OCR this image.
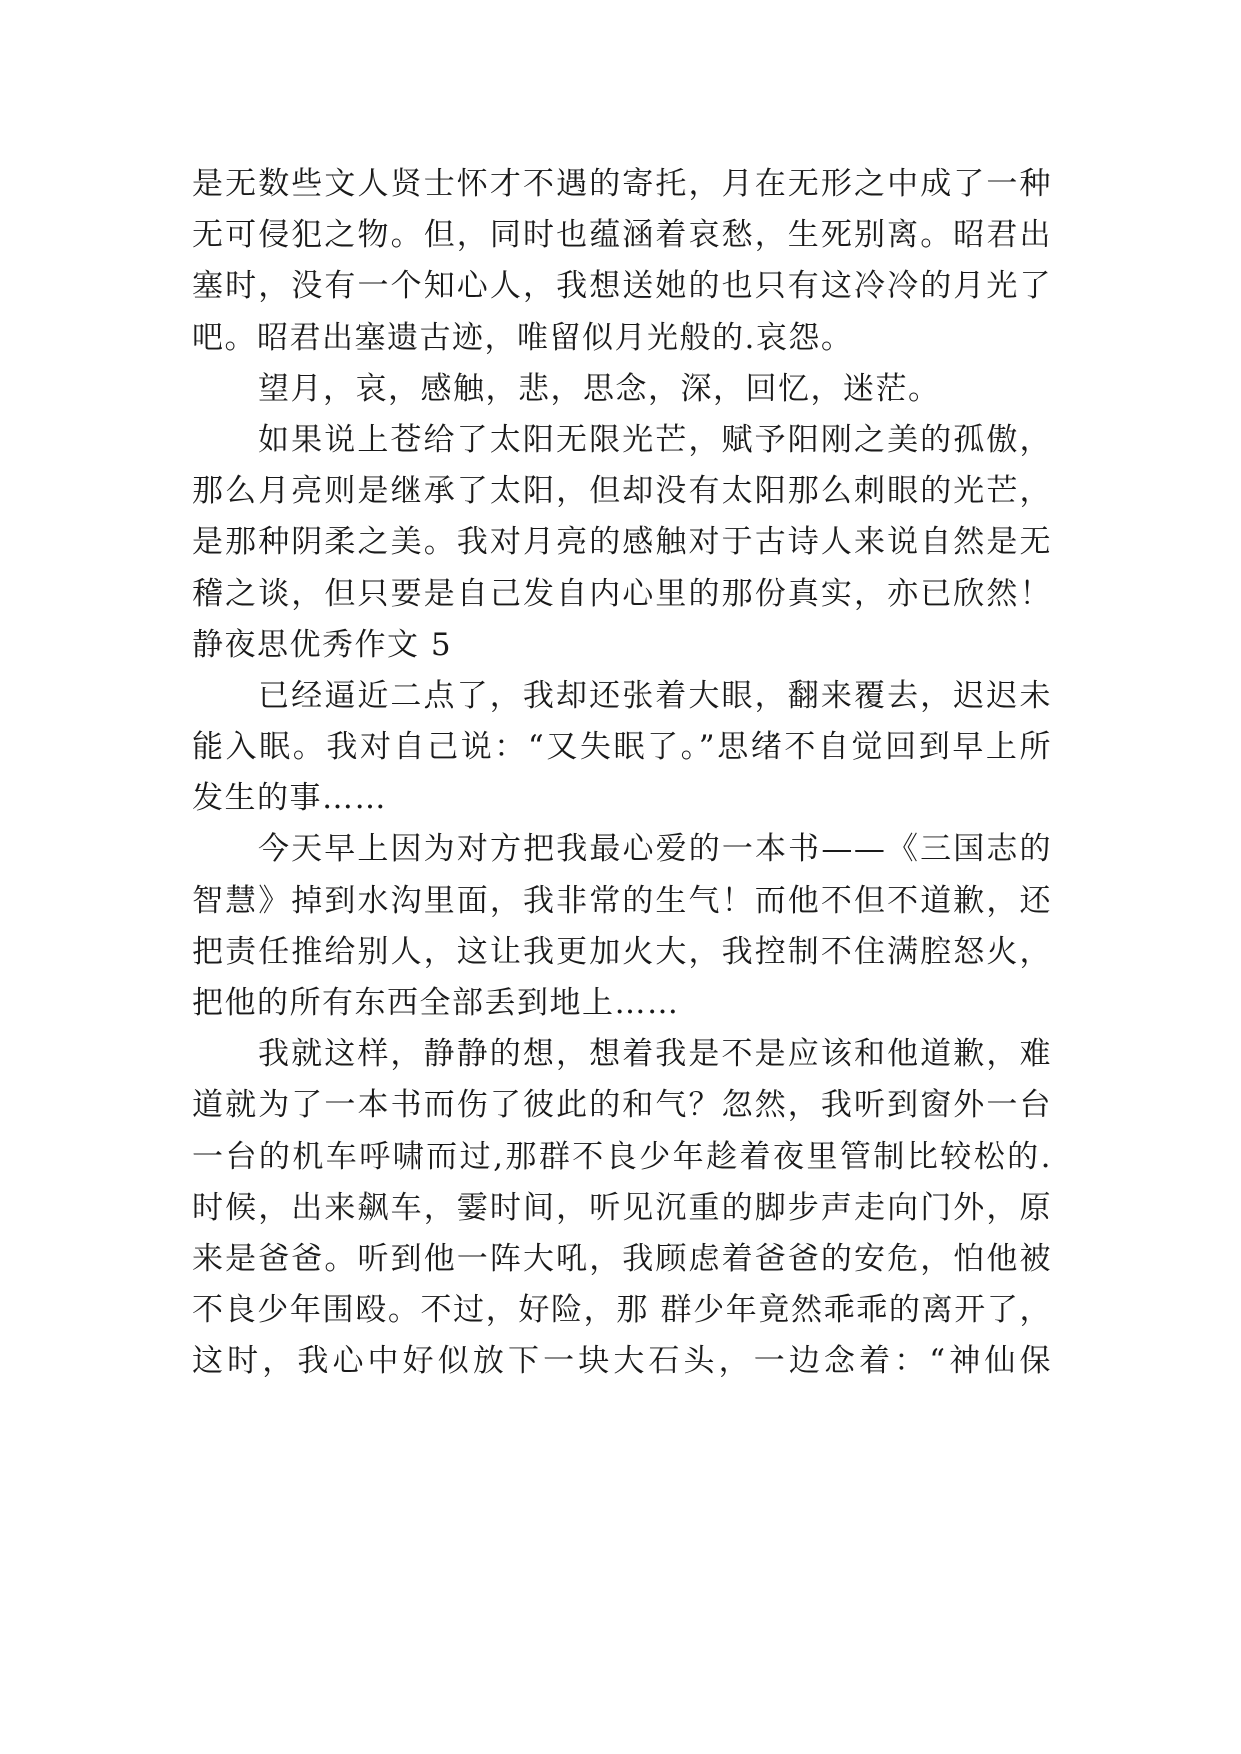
是无数些文人贤士怀才不遇的寄托，月在无形之中成了一种
无可侵犯之物。但，同时也蕴涵着哀愁，生死别离。昭君出
塞时，没有一个知心人，我想送她的也只有这冷冷的月光了
吧。昭君出塞遗古迹，唯留似月光般的.哀怨。
望月，哀，感触，悲，思念，深，回忆，迷茫。
如果说上苍给了太阳无限光芒，赋予阳刚之美的孤傲，
那么月亮则是继承了太阳，但却没有太阳那么刺眼的光芒，
是那种阴柔之美。我对月亮的感触对于古诗人来说自然是无
稽之谈，但只要是自己发自内心里的那份真实，亦已欣然！
静夜思优秀作文 5
已经逼近二点了，我却还张着大眼，翻来覆去，迟迟未
能入眠。我对自己说：“又失眠了。”思绪不自觉回到早上所
发生的事……
今天早上因为对方把我最心爱的一本书——《三国志的
智慧》掉到水沟里面，我非常的生气！而他不但不道歉，还
把责任推给别人，这让我更加火大，我控制不住满腔怒火，
把他的所有东西全部丢到地上……
我就这样，静静的想，想着我是不是应该和他道歉，难
道就为了一本书而伤了彼此的和气？忽然，我听到窗外一台
一台的机车呼啸而过,那群不良少年趁着夜里管制比较松的.
时候，出来飙车，霎时间，听见沉重的脚步声走向门外，原
来是爸爸。听到他一阵大吼，我顾虑着爸爸的安危，怕他被
不良少年围殴。不过，好险，那 群少年竟然乖乖的离开了，
这时，我心中好似放下一块大石头，一边念着：“神仙保
